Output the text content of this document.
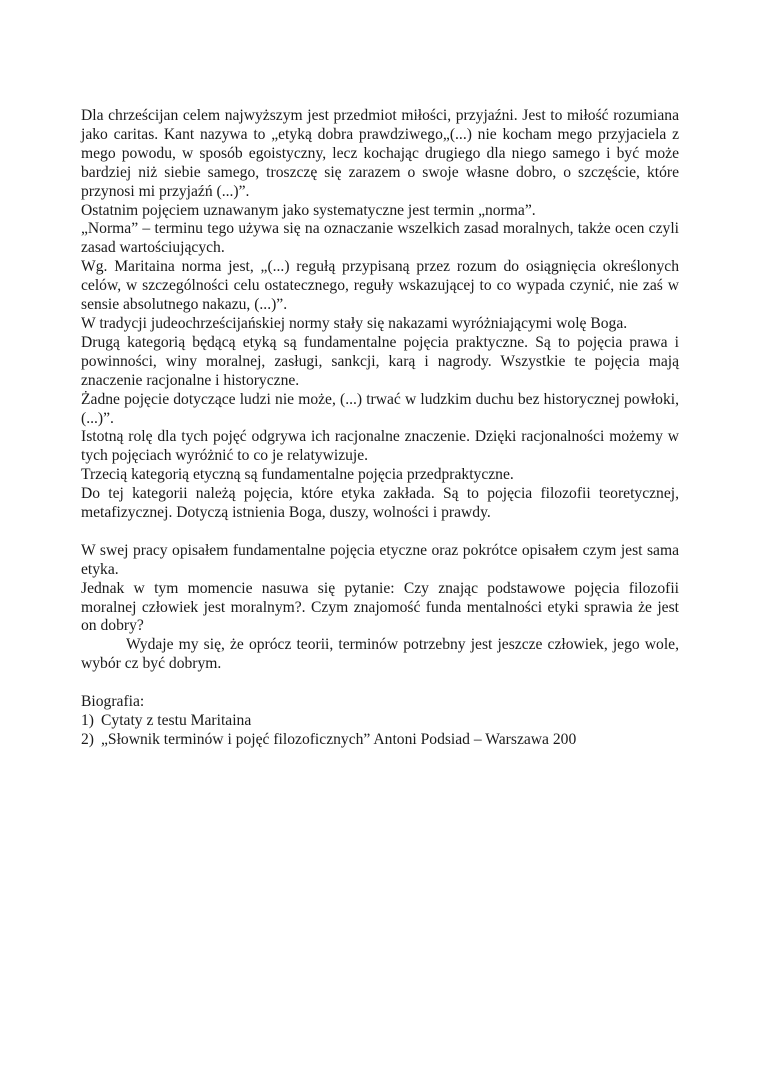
Dla chrześcijan celem najwyższym jest przedmiot miłości, przyjaźni. Jest to miłość rozumiana jako caritas. Kant nazywa to „etyką dobra prawdziwego„(...) nie kocham mego przyjaciela z mego powodu, w sposób egoistyczny, lecz kochając drugiego dla niego samego i być może bardziej niż siebie samego, troszczę się zarazem o swoje własne dobro, o szczęście, które przynosi mi przyjaźń (...)”.

Ostatnim pojęciem uznawanym jako systematyczne jest termin „norma”.

„Norma” – terminu tego używa się na oznaczanie wszelkich zasad moralnych, także ocen czyli zasad wartościujących.

Wg. Maritaina norma jest, „(...) regułą przypisaną przez rozum do osiągnięcia określonych celów, w szczególności celu ostatecznego, reguły wskazującej to co wypada czynić, nie zaś w sensie absolutnego nakazu, (...)”.

W tradycji judeochrześcijańskiej normy stały się nakazami wyróżniającymi wolę Boga.

Drugą kategorią będącą etyką są fundamentalne pojęcia praktyczne. Są to pojęcia prawa i powinności, winy moralnej, zasługi, sankcji, karą i nagrody. Wszystkie te pojęcia mają znaczenie racjonalne i historyczne.

Żadne pojęcie dotyczące ludzi nie może, (...) trwać w ludzkim duchu bez historycznej powłoki, (...)”.

Istotną rolę dla tych pojęć odgrywa ich racjonalne znaczenie. Dzięki racjonalności możemy w tych pojęciach wyróżnić to co je relatywizuje.

Trzecią kategorią etyczną są fundamentalne pojęcia przedpraktyczne.

Do tej kategorii należą pojęcia, które etyka zakłada. Są to pojęcia filozofii teoretycznej, metafizycznej. Dotyczą istnienia Boga, duszy, wolności i prawdy.

W swej pracy opisałem fundamentalne pojęcia etyczne oraz pokrótce opisałem czym jest sama etyka.

Jednak w tym momencie nasuwa się pytanie: Czy znając podstawowe pojęcia filozofii moralnej człowiek jest moralnym?. Czym znajomość funda mentalności etyki sprawia że jest on dobry?

Wydaje my się, że oprócz teorii, terminów potrzebny jest jeszcze człowiek, jego wole, wybór cz być dobrym.

Biografia:

1) Cytaty z testu Maritaina
2) „Słownik terminów i pojęć filozoficznych” Antoni Podsiad – Warszawa 200
